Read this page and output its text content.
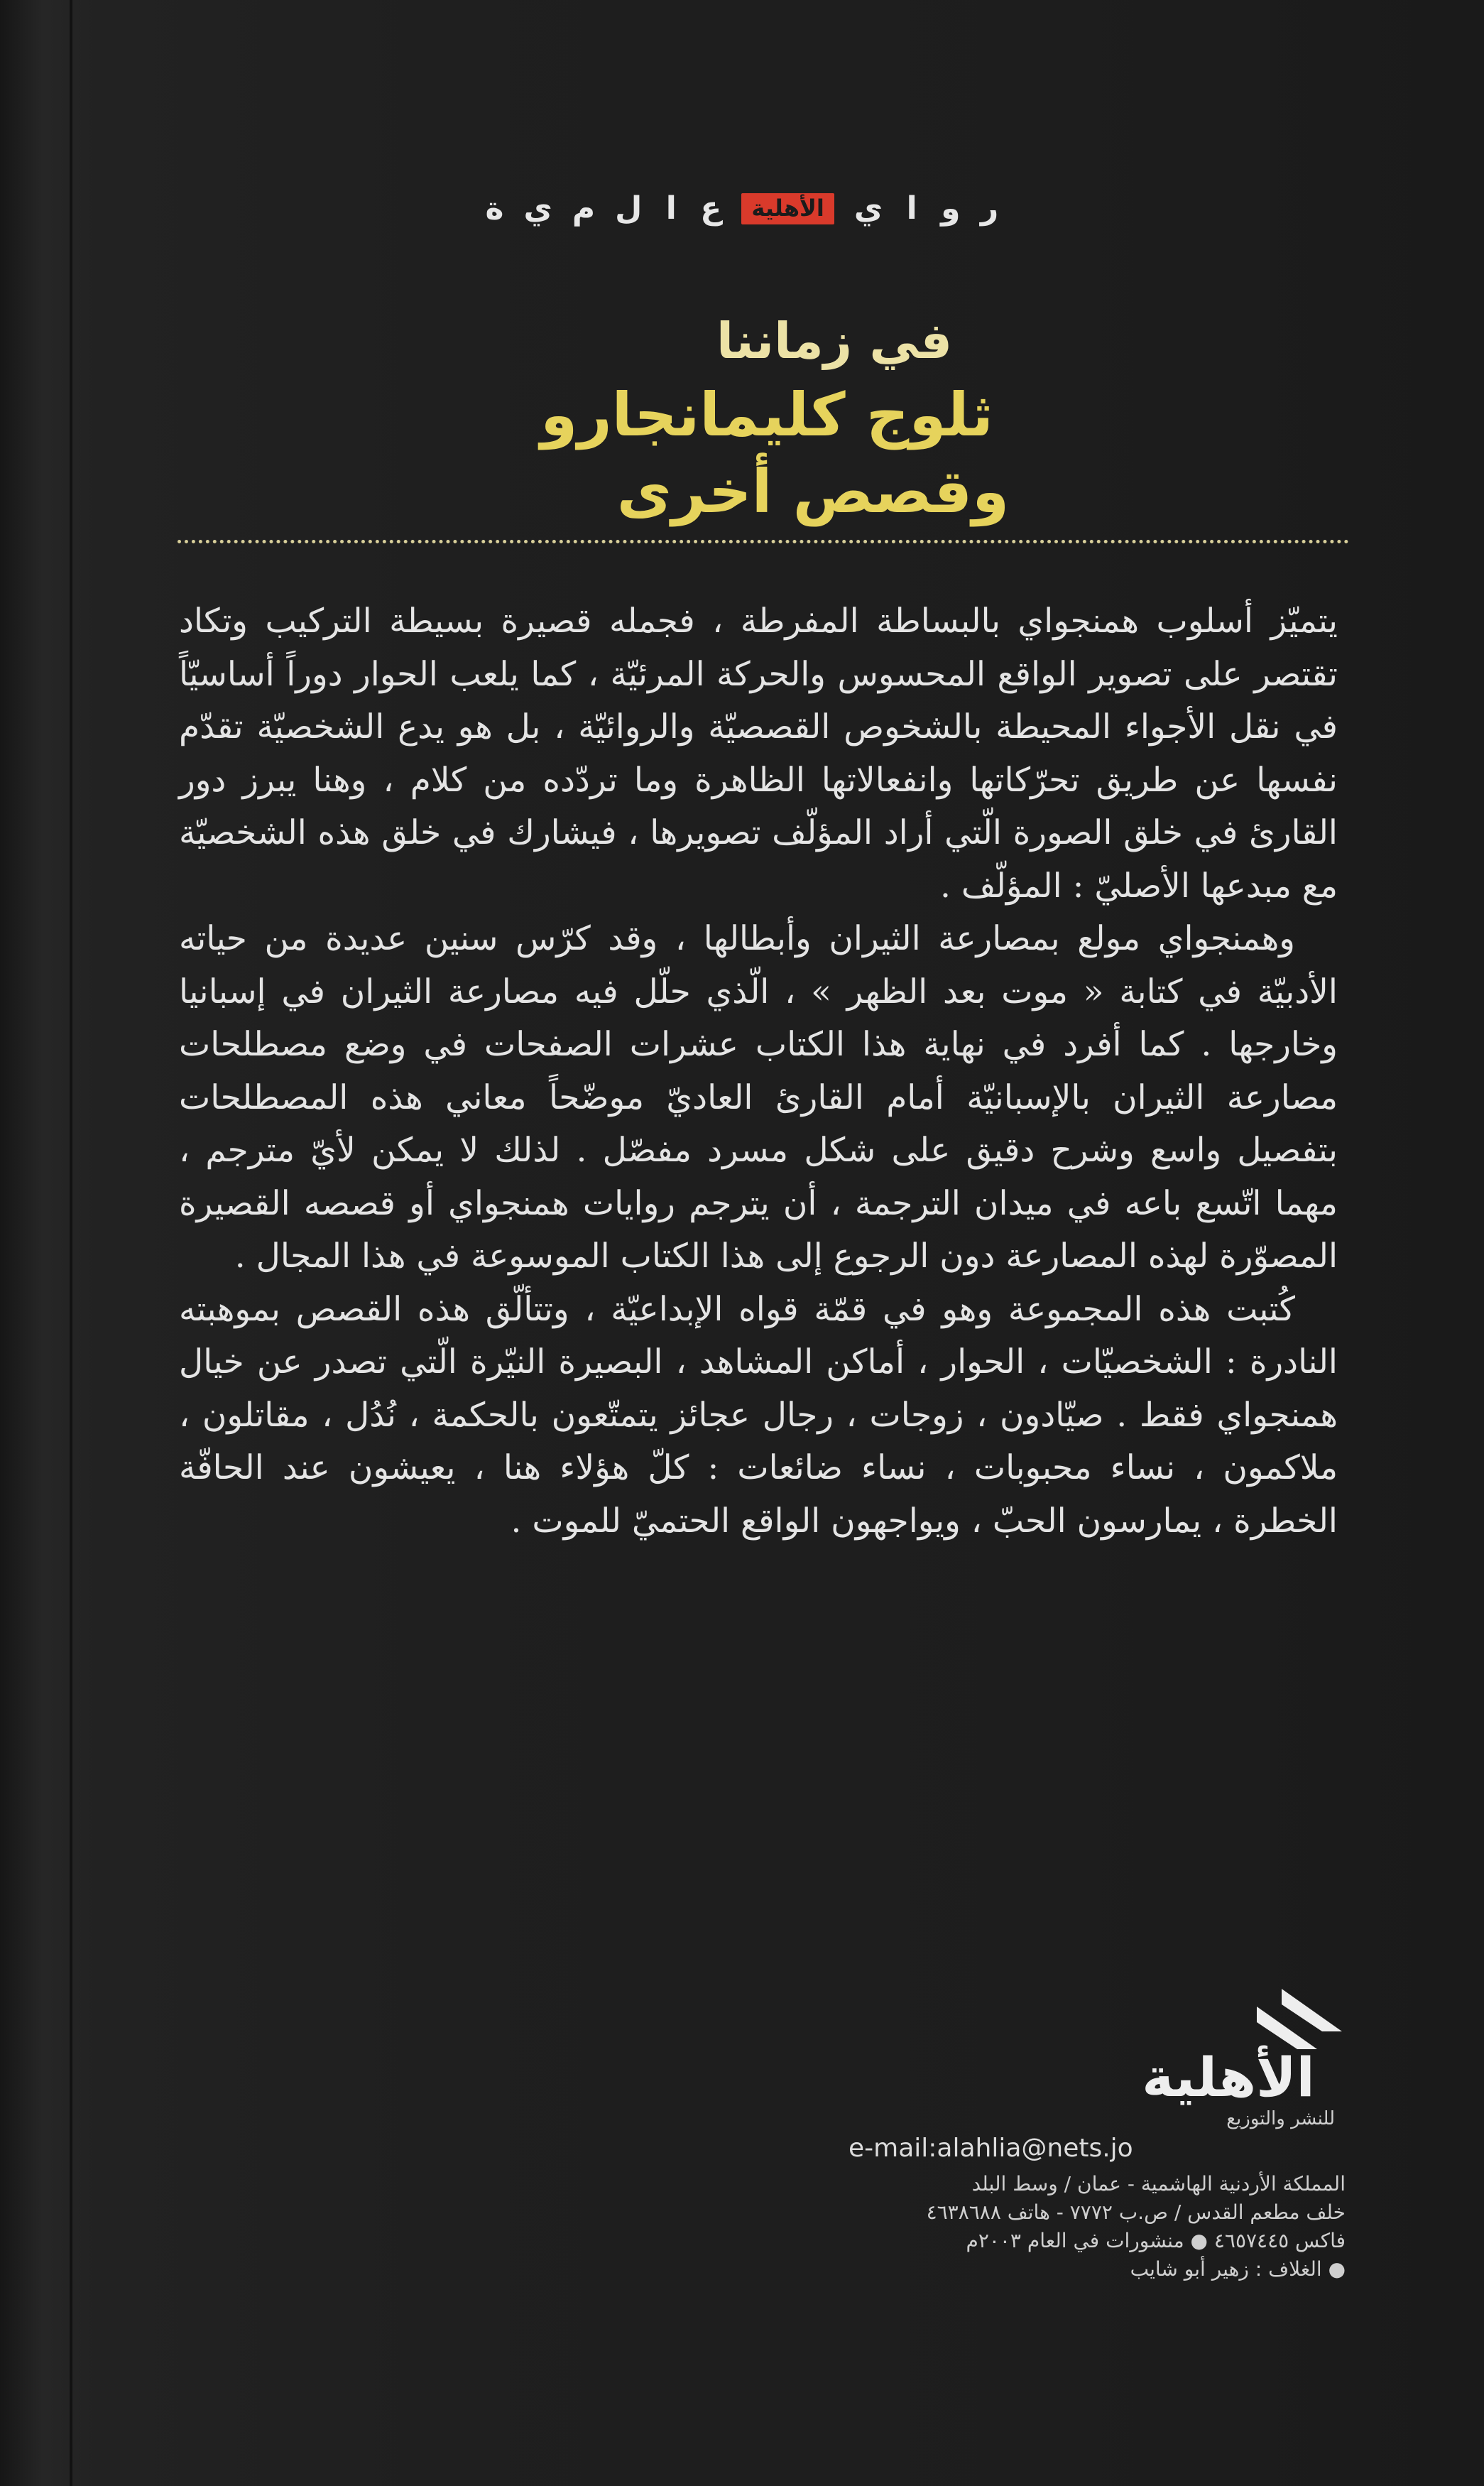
ر
و
ا
ي
الأهلية
ع
ا
ل
م
ي
ة
في زماننا
ثلوج كليمانجارو
وقصص أخرى

يتميّز أسلوب همنجواي بالبساطة المفرطة ، فجمله قصيرة بسيطة التركيب وتكاد تقتصر على تصوير الواقع المحسوس والحركة المرئيّة ، كما يلعب الحوار دوراً أساسيّاً في نقل الأجواء المحيطة بالشخوص القصصيّة والروائيّة ، بل هو يدع الشخصيّة تقدّم نفسها عن طريق تحرّكاتها وانفعالاتها الظاهرة وما تردّده من كلام ، وهنا يبرز دور القارئ في خلق الصورة الّتي أراد المؤلّف تصويرها ، فيشارك في خلق هذه الشخصيّة مع مبدعها الأصليّ : المؤلّف .

وهمنجواي مولع بمصارعة الثيران وأبطالها ، وقد كرّس سنين عديدة من حياته الأدبيّة في كتابة « موت بعد الظهر » ، الّذي حلّل فيه مصارعة الثيران في إسبانيا وخارجها . كما أفرد في نهاية هذا الكتاب عشرات الصفحات في وضع مصطلحات مصارعة الثيران بالإسبانيّة أمام القارئ العاديّ موضّحاً معاني هذه المصطلحات بتفصيل واسع وشرح دقيق على شكل مسرد مفصّل . لذلك لا يمكن لأيّ مترجم ، مهما اتّسع باعه في ميدان الترجمة ، أن يترجم روايات همنجواي أو قصصه القصيرة المصوّرة لهذه المصارعة دون الرجوع إلى هذا الكتاب الموسوعة في هذا المجال .

كُتبت هذه المجموعة وهو في قمّة قواه الإبداعيّة ، وتتألّق هذه القصص بموهبته النادرة : الشخصيّات ، الحوار ، أماكن المشاهد ، البصيرة النيّرة الّتي تصدر عن خيال همنجواي فقط . صيّادون ، زوجات ، رجال عجائز يتمتّعون بالحكمة ، نُدُل ، مقاتلون ، ملاكمون ، نساء محبوبات ، نساء ضائعات : كلّ هؤلاء هنا ، يعيشون عند الحافّة الخطرة ، يمارسون الحبّ ، ويواجهون الواقع الحتميّ للموت .

الأهلية
للنشر والتوزيع
e-mail:alahlia@nets.jo
المملكة الأردنية الهاشمية - عمان / وسط البلد
خلف مطعم القدس / ص.ب ٧٧٧٢ - هاتف ٤٦٣٨٦٨٨
فاكس ٤٦٥٧٤٤٥ ● منشورات في العام ٢٠٠٣م
● الغلاف : زهير أبو شايب
